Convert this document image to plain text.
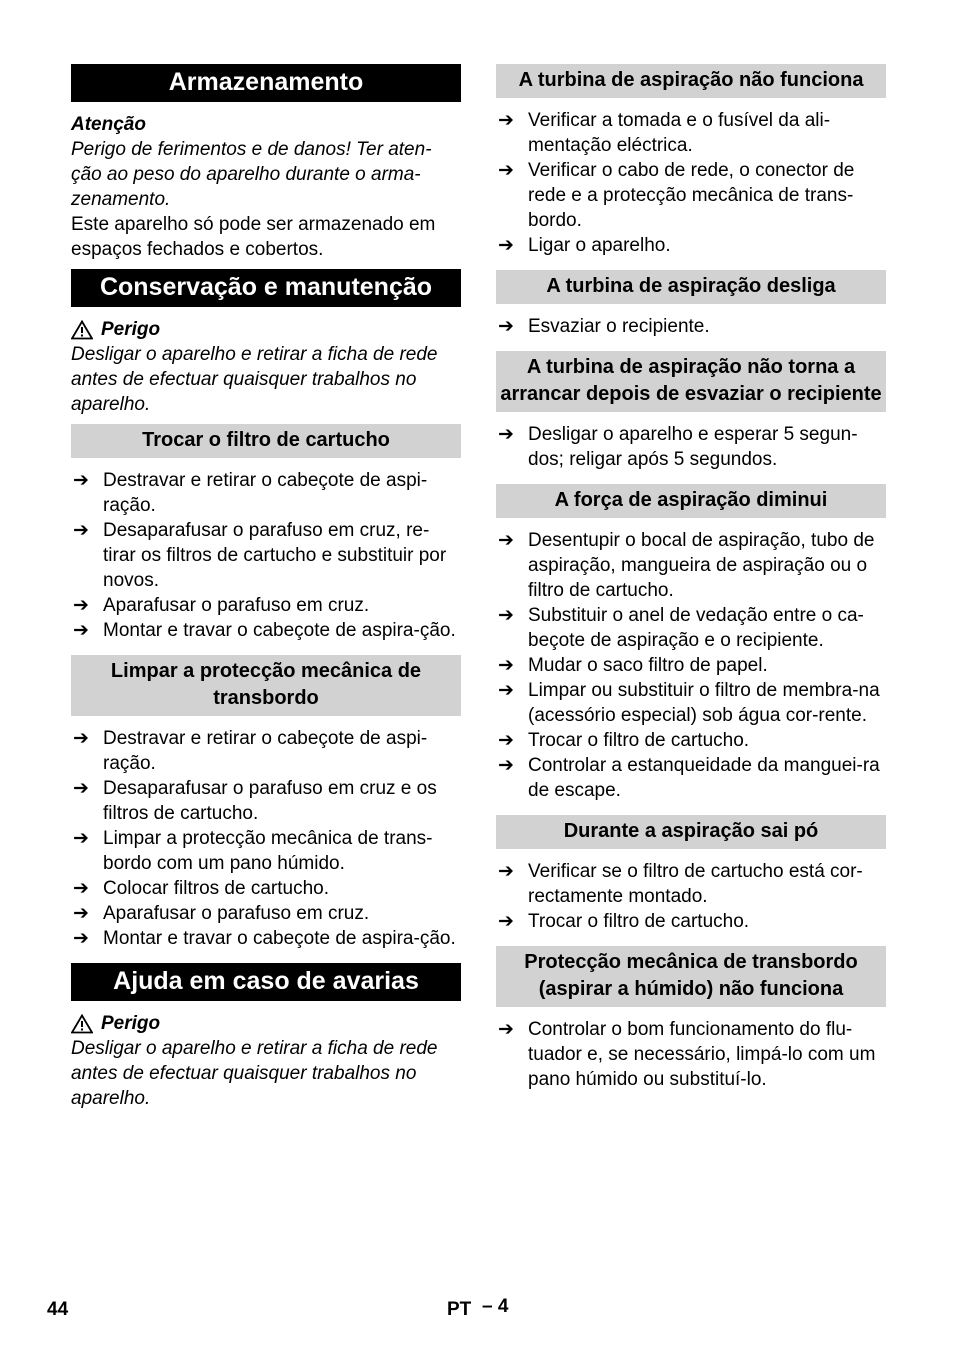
Armazenamento

Atenção

Perigo de ferimentos e de danos! Ter aten-ção ao peso do aparelho durante o arma-zenamento.

Este aparelho só pode ser armazenado em espaços fechados e cobertos.

Conservação e manutenção
Perigo

Desligar o aparelho e retirar a ficha de rede antes de efectuar quaisquer trabalhos no aparelho.

Trocar o filtro de cartucho
➔ Destravar e retirar o cabeçote de aspi-ração.
➔ Desaparafusar o parafuso em cruz, re-tirar os filtros de cartucho e substituir por novos.
➔ Aparafusar o parafuso em cruz.
➔ Montar e travar o cabeçote de aspira-ção.
Limpar a protecção mecânica de transbordo
➔ Destravar e retirar o cabeçote de aspi-ração.
➔ Desaparafusar o parafuso em cruz e os filtros de cartucho.
➔ Limpar a protecção mecânica de trans-bordo com um pano húmido.
➔ Colocar filtros de cartucho.
➔ Aparafusar o parafuso em cruz.
➔ Montar e travar o cabeçote de aspira-ção.
Ajuda em caso de avarias
Perigo

Desligar o aparelho e retirar a ficha de rede antes de efectuar quaisquer trabalhos no aparelho.

A turbina de aspiração não funciona
➔ Verificar a tomada e o fusível da ali-mentação eléctrica.
➔ Verificar o cabo de rede, o conector de rede e a protecção mecânica de trans-bordo.
➔ Ligar o aparelho.
A turbina de aspiração desliga
➔ Esvaziar o recipiente.
A turbina de aspiração não torna a arrancar depois de esvaziar o recipiente
➔ Desligar o aparelho e esperar 5 segun-dos; religar após 5 segundos.
A força de aspiração diminui
➔ Desentupir o bocal de aspiração, tubo de aspiração, mangueira de aspiração ou o filtro de cartucho.
➔ Substituir o anel de vedação entre o ca-beçote de aspiração e o recipiente.
➔ Mudar o saco filtro de papel.
➔ Limpar ou substituir o filtro de membra-na (acessório especial) sob água cor-rente.
➔ Trocar o filtro de cartucho.
➔ Controlar a estanqueidade da manguei-ra de escape.
Durante a aspiração sai pó
➔ Verificar se o filtro de cartucho está cor-rectamente montado.
➔ Trocar o filtro de cartucho.
Protecção mecânica de transbordo (aspirar a húmido) não funciona
➔ Controlar o bom funcionamento do flu-tuador e, se necessário, limpá-lo com um pano húmido ou substituí-lo.
44	PT – 4
